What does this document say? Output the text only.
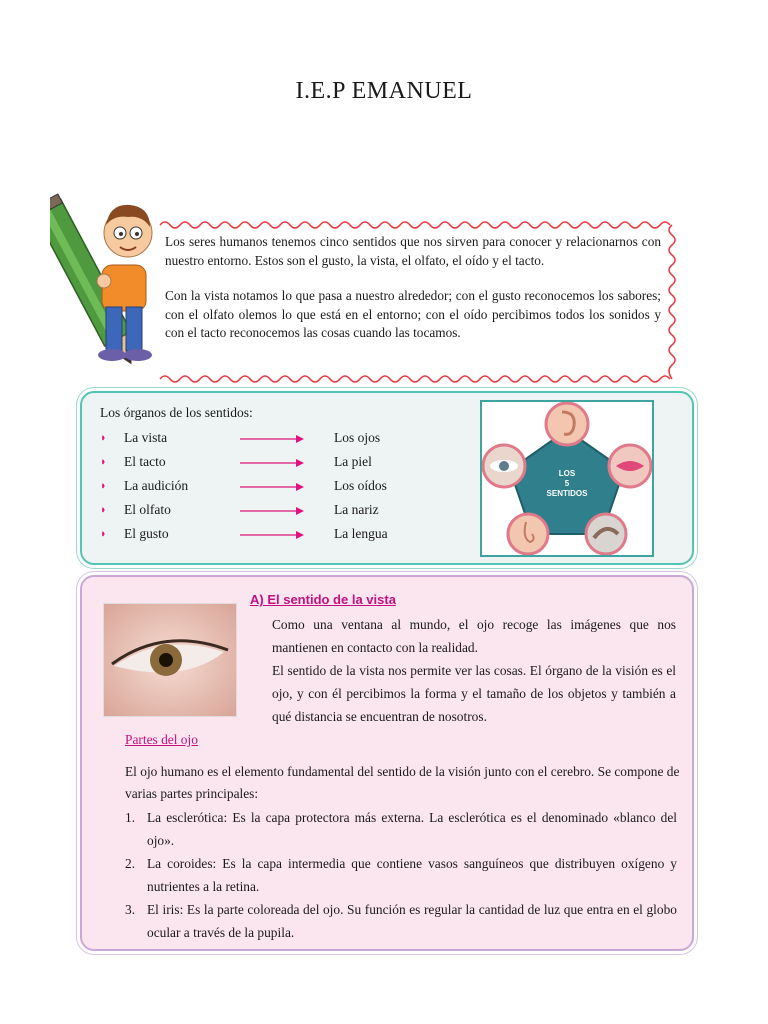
I.E.P EMANUEL

Los seres humanos tenemos cinco sentidos que nos sirven para conocer y relacionarnos con nuestro entorno. Estos son el gusto, la vista, el olfato, el oído y el tacto.

Con la vista notamos lo que pasa a nuestro alrededor; con el gusto reconocemos los sabores; con el olfato olemos lo que está en el entorno; con el oído percibimos todos los sonidos y con el tacto reconocemos las cosas cuando las tocamos.

Los órganos de los sentidos:
◗ La vista	Los ojos
◗ El tacto	La piel
◗ La audición	Los oídos
◗ El olfato	La nariz
◗ El gusto	La lengua
LOS
5
SENTIDOS
A) El sentido de la vista

Como una ventana al mundo, el ojo recoge las imágenes que nos mantienen en contacto con la realidad.

El sentido de la vista nos permite ver las cosas. El órgano de la visión es el ojo, y con él percibimos la forma y el tamaño de los objetos y también a qué distancia se encuentran de nosotros.

Partes del ojo
El ojo humano es el elemento fundamental del sentido de la visión junto con el cerebro. Se compone de varias partes principales:
1. La esclerótica: Es la capa protectora más externa. La esclerótica es el denominado «blanco del ojo».
2. La coroides: Es la capa intermedia que contiene vasos sanguíneos que distribuyen oxígeno y nutrientes a la retina.
3. El iris: Es la parte coloreada del ojo. Su función es regular la cantidad de luz que entra en el globo ocular a través de la pupila.
